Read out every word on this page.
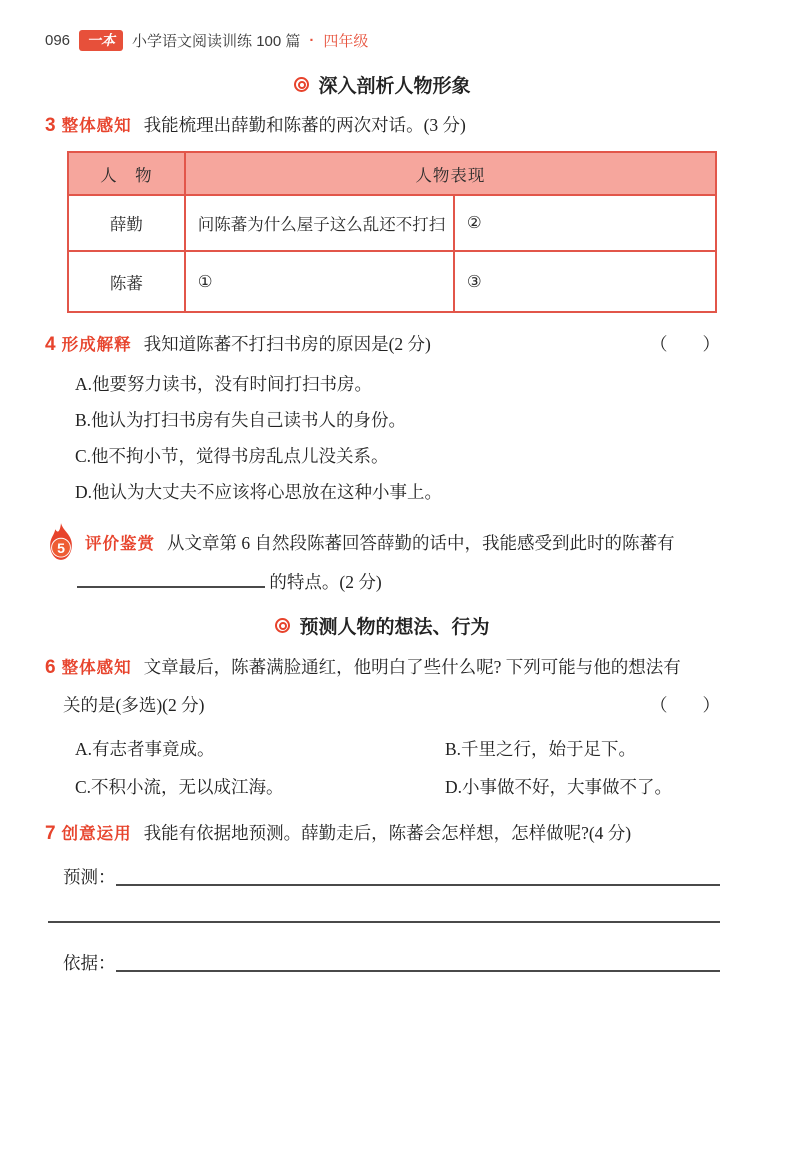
096	一本	小学语文阅读训练 100 篇 · 四年级
深入剖析人物形象
3 整体感知 我能梳理出薛勤和陈蕃的两次对话。(3 分)
人　物	人物表现	
薛勤	问陈蕃为什么屋子这么乱还不打扫	②
陈蕃	①	③
4 形成解释 我知道陈蕃不打扫书房的原因是(2 分)	（　　）
A.他要努力读书，没有时间打扫书房。
B.他认为打扫书房有失自己读书人的身份。
C.他不拘小节，觉得书房乱点儿没关系。
D.他认为大丈夫不应该将心思放在这种小事上。
5 评价鉴赏 从文章第 6 自然段陈蕃回答薛勤的话中，我能感受到此时的陈蕃有
的特点。(2 分)
预测人物的想法、行为
6 整体感知 文章最后，陈蕃满脸通红，他明白了些什么呢? 下列可能与他的想法有
关的是(多选)(2 分)	（　　）
A.有志者事竟成。	B.千里之行，始于足下。
C.不积小流，无以成江海。	D.小事做不好，大事做不了。
7 创意运用 我能有依据地预测。薛勤走后，陈蕃会怎样想，怎样做呢?(4 分)
预测：
依据：
